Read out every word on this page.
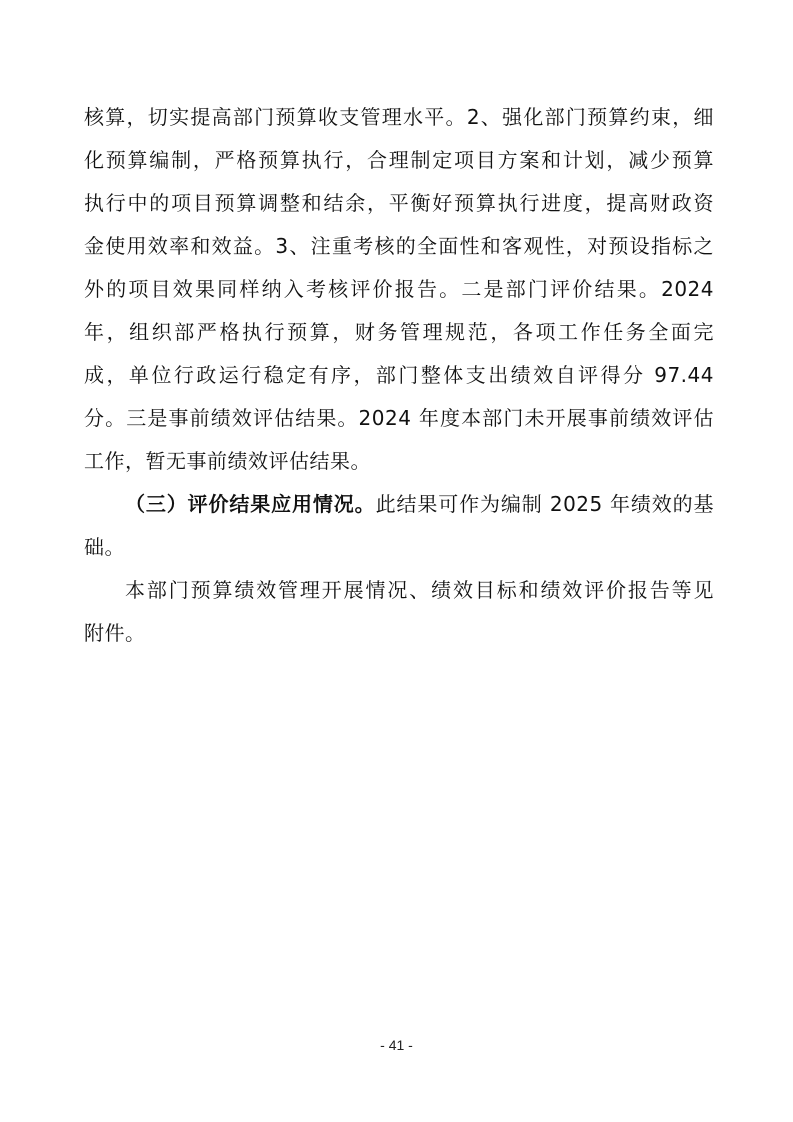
核算，切实提高部门预算收支管理水平。2、强化部门预算约束，细
化预算编制，严格预算执行，合理制定项目方案和计划，减少预算
执行中的项目预算调整和结余，平衡好预算执行进度，提高财政资
金使用效率和效益。3、注重考核的全面性和客观性，对预设指标之
外的项目效果同样纳入考核评价报告。二是部门评价结果。2024
年，组织部严格执行预算，财务管理规范，各项工作任务全面完
成，单位行政运行稳定有序，部门整体支出绩效自评得分 97.44
分。三是事前绩效评估结果。2024 年度本部门未开展事前绩效评估
工作，暂无事前绩效评估结果。
（三）评价结果应用情况。此结果可作为编制 2025 年绩效的基
础。
本部门预算绩效管理开展情况、绩效目标和绩效评价报告等见
附件。
- 41 -
